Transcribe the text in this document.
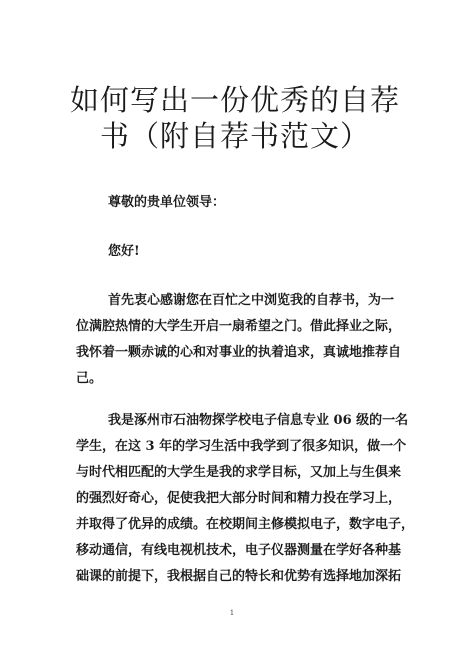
如何写出一份优秀的自荐
书（附自荐书范文）
尊敬的贵单位领导：
您好!
首先衷心感谢您在百忙之中浏览我的自荐书，为一
位满腔热情的大学生开启一扇希望之门。借此择业之际，
我怀着一颗赤诚的心和对事业的执着追求，真诚地推荐自
己。
我是涿州市石油物探学校电子信息专业 06 级的一名
学生，在这 3 年的学习生活中我学到了很多知识，做一个
与时代相匹配的大学生是我的求学目标，又加上与生俱来
的强烈好奇心，促使我把大部分时间和精力投在学习上，
并取得了优异的成绩。在校期间主修模拟电子，数字电子，
移动通信，有线电视机技术，电子仪器测量在学好各种基
础课的前提下，我根据自己的特长和优势有选择地加深拓
1
